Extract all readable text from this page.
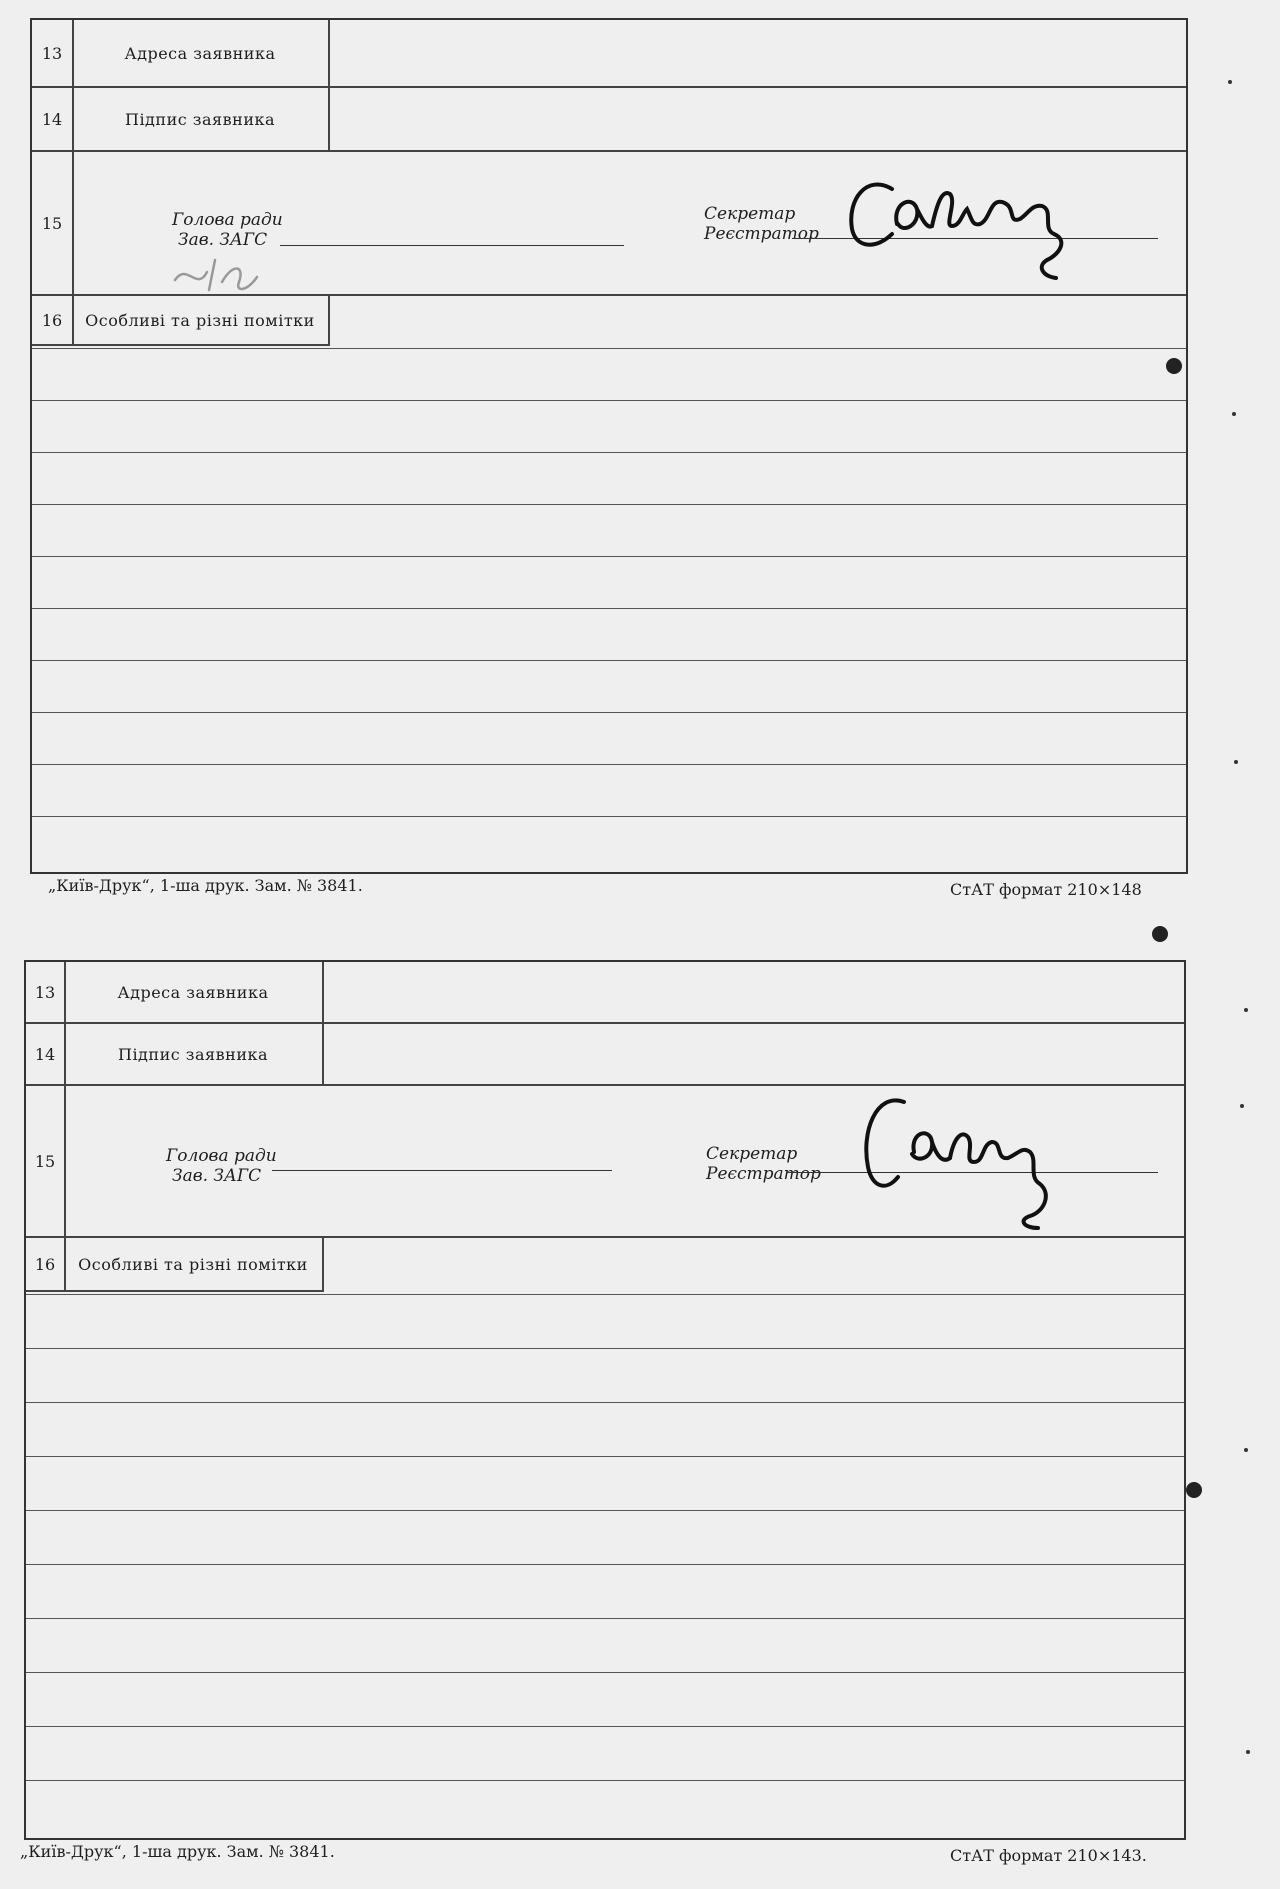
13	Адреса заявника
14	Підпис заявника
15	Голова ради
Зав. ЗАГС
Секретар
Реєстратор
16	Особливі та різні помітки
„Київ-Друк“, 1-ша друк. Зам. № 3841.	СтАТ формат 210×148
13	Адреса заявника
14	Підпис заявника
15	Голова ради
Зав. ЗАГС
Секретар
Реєстратор
16	Особливі та різні помітки
„Київ-Друк“, 1-ша друк. Зам. № 3841.	СтАТ формат 210×143.
